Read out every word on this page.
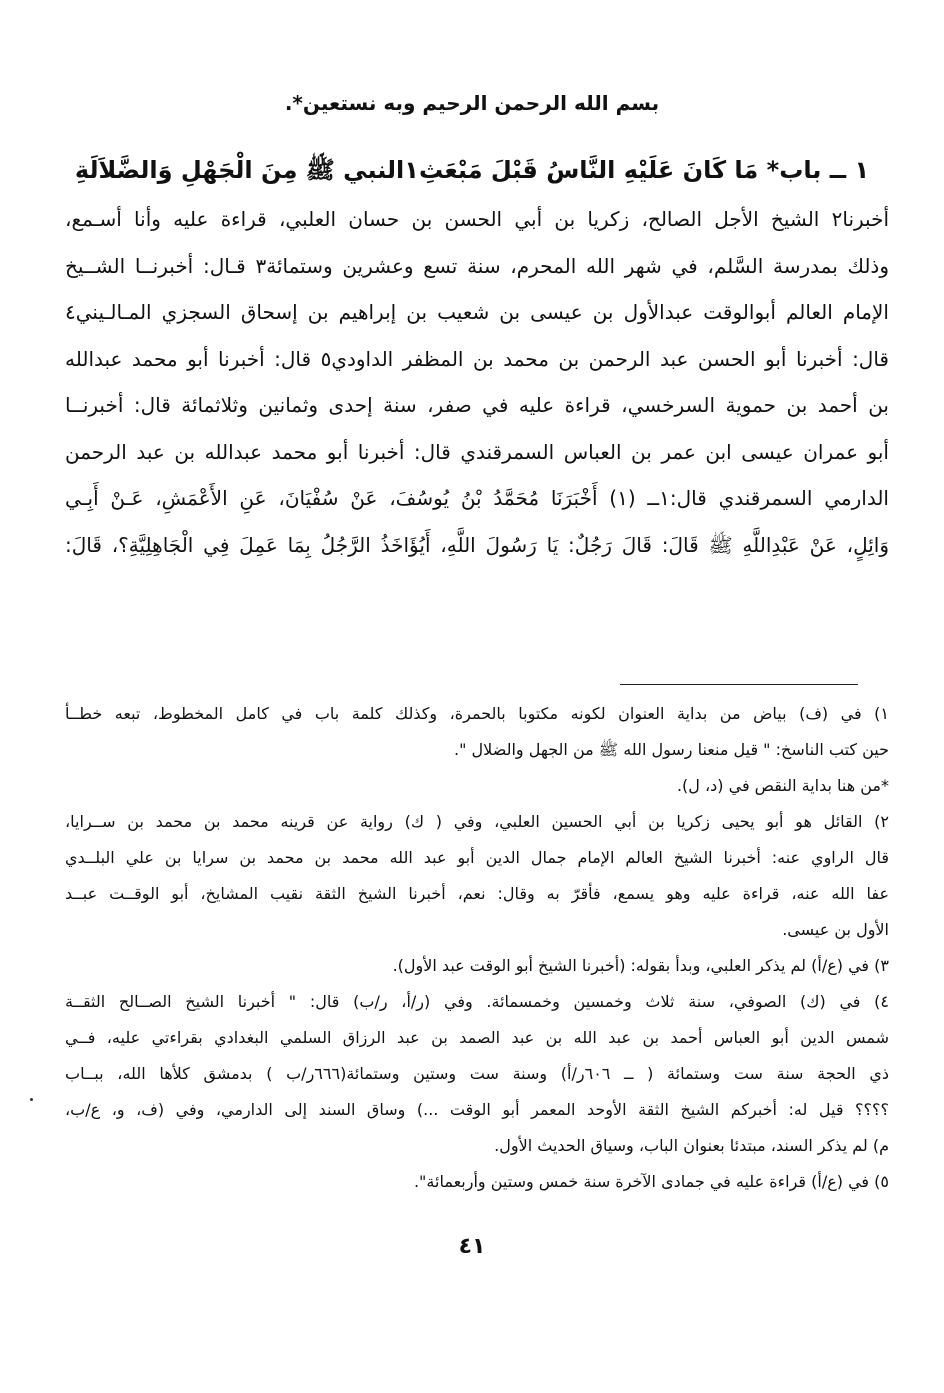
بسم الله الرحمن الرحيم وبه نستعين*.
١ ــ باب* مَا كَانَ عَلَيْهِ النَّاسُ قَبْلَ مَبْعَثِ١النبي ﷺ مِنَ الْجَهْلِ وَالضَّلاَلَةِ
أخبرنا٢ الشيخ الأجل الصالح، زكريا بن أبي الحسن بن حسان العلبي، قراءة عليه وأنا أسـمع،
وذلك بمدرسة السَّلم، في شهر الله المحرم، سنة تسع وعشرين وستمائة٣ قـال: أخبرنــا الشــيخ
الإمام العالم أبوالوقت عبدالأول بن عيسى بن شعيب بن إبراهيم بن إسحاق السجزي المـالـيني٤
قال: أخبرنا أبو الحسن عبد الرحمن بن محمد بن المظفر الداودي٥ قال: أخبرنا أبو محمد عبدالله
بن أحمد بن حموية السرخسي، قراءة عليه في صفر، سنة إحدى وثمانين وثلاثمائة قال: أخبرنــا
أبو عمران عيسى ابن عمر بن العباس السمرقندي قال: أخبرنا أبو محمد عبدالله بن عبد الرحمن
الدارمي السمرقندي قال:١ــ (١) أَخْبَرَنَا مُحَمَّدُ بْنُ يُوسُفَ، عَنْ سُفْيَانَ، عَنِ الأَعْمَشِ، عَـنْ أَبِـي
وَائِلٍ، عَنْ عَبْدِاللَّهِ ﷺ قَالَ: قَالَ رَجُلٌ: يَا رَسُولَ اللَّهِ، أَيُؤَاخَذُ الرَّجُلُ بِمَا عَمِلَ فِي الْجَاهِلِيَّةِ؟، قَالَ:
١) في (ف) بياض من بداية العنوان لكونه مكتوبا بالحمرة، وكذلك كلمة باب في كامل المخطوط، تبعه خطــأ
حين كتب الناسخ: " قيل منعنا رسول الله ﷺ من الجهل والضلال ".
*من هنا بداية النقص في (د، ل).
٢) القائل هو أبو يحيى زكريا بن أبي الحسين العلبي، وفي ( ك) رواية عن قرينه محمد بن محمد بن ســرايا،
قال الراوي عنه: أخبرنا الشيخ العالم الإمام جمال الدين أبو عبد الله محمد بن محمد بن سرايا بن علي البلــدي
عفا الله عنه، قراءة عليه وهو يسمع، فأقرّ به وقال: نعم، أخبرنا الشيخ الثقة نقيب المشايخ، أبو الوقــت عبــد
الأول بن عيسى.
٣) في (ع/أ) لم يذكر العلبي، وبدأ بقوله: (أخبرنا الشيخ أبو الوقت عبد الأول).
٤) في (ك) الصوفي، سنة ثلاث وخمسين وخمسمائة. وفي (ر/أ، ر/ب) قال: " أخبرنا الشيخ الصــالح الثقــة
شمس الدين أبو العباس أحمد بن عبد الله بن عبد الصمد بن عبد الرزاق السلمي البغدادي بقراءتي عليه، فــي
ذي الحجة سنة ست وستمائة ( ــ ٦٠٦ر/أ) وسنة ست وستين وستمائة(٦٦٦ر/ب ) بدمشق كلأها الله، ببــاب
؟؟؟؟ قيل له: أخبركم الشيخ الثقة الأوحد المعمر أبو الوقت ...) وساق السند إلى الدارمي، وفي (ف، و، ع/ب،
م) لم يذكر السند، مبتدئا بعنوان الباب، وسياق الحديث الأول.
٥) في (ع/أ) قراءة عليه في جمادى الآخرة سنة خمس وستين وأربعمائة".
٤١
